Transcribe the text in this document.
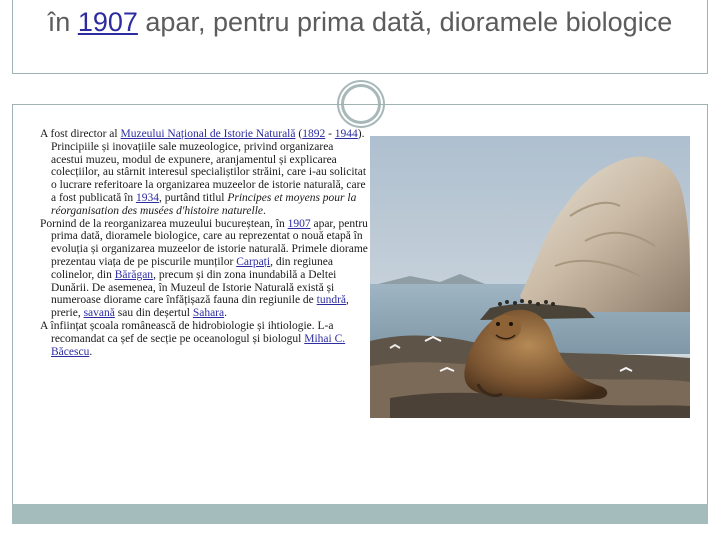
în 1907 apar, pentru prima dată, dioramele biologice

A fost director al Muzeului Național de Istorie Naturală (1892 - 1944). Principiile și inovațiile sale muzeologice, privind organizarea acestui muzeu, modul de expunere, aranjamentul și explicarea colecțiilor, au stârnit interesul specialiștilor străini, care i-au solicitat o lucrare referitoare la organizarea muzeelor de istorie naturală, care a fost publicată în 1934, purtând titlul Principes et moyens pour la réorganisation des musées d'histoire naturelle.

Pornind de la reorganizarea muzeului bucureștean, în 1907 apar, pentru prima dată, dioramele biologice, care au reprezentat o nouă etapă în evoluția și organizarea muzeelor de istorie naturală. Primele diorame prezentau viața de pe piscurile munților Carpați, din regiunea colinelor, din Bărăgan, precum și din zona inundabilă a Deltei Dunării. De asemenea, în Muzeul de Istorie Naturală există și numeroase diorame care înfățișază fauna din regiunile de tundră, prerie, savană sau din deșertul Sahara.

A înființat școala românească de hidrobiologie și ihtiologie. L-a recomandat ca șef de secție pe oceanologul și biologul Mihai C. Băcescu.
